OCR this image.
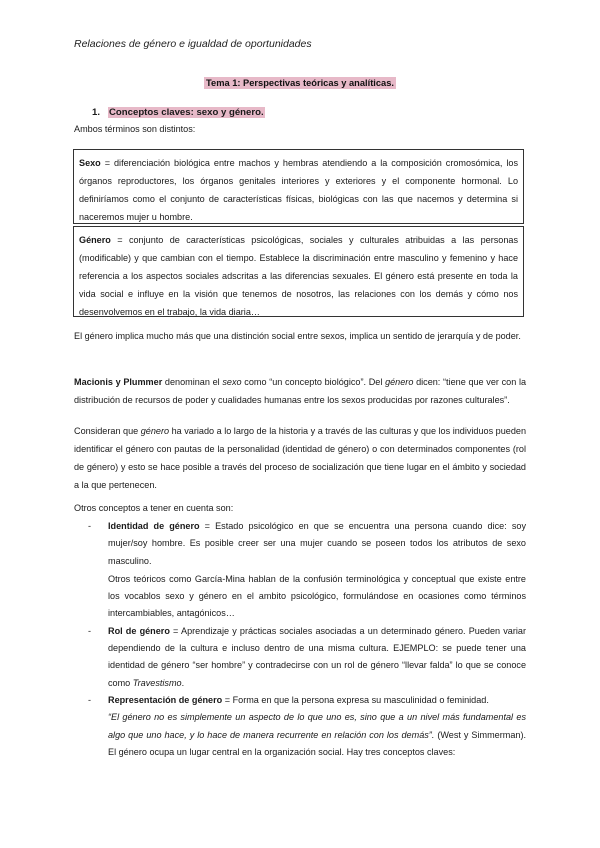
Relaciones de género e igualdad de oportunidades
Tema 1: Perspectivas teóricas y analíticas.
1. Conceptos claves: sexo y género.
Ambos términos son distintos:
Sexo = diferenciación biológica entre machos y hembras atendiendo a la composición cromosómica, los órganos reproductores, los órganos genitales interiores y exteriores y el componente hormonal. Lo definiríamos como el conjunto de características físicas, biológicas con las que nacemos y determina si naceremos mujer u hombre.
Género = conjunto de características psicológicas, sociales y culturales atribuidas a las personas (modificable) y que cambian con el tiempo. Establece la discriminación entre masculino y femenino y hace referencia a los aspectos sociales adscritas a las diferencias sexuales. El género está presente en toda la vida social e influye en la visión que tenemos de nosotros, las relaciones con los demás y cómo nos desenvolvemos en el trabajo, la vida diaria…
El género implica mucho más que una distinción social entre sexos, implica un sentido de jerarquía y de poder.
Macionis y Plummer denominan el sexo como “un concepto biológico”. Del género dicen: “tiene que ver con la distribución de recursos de poder y cualidades humanas entre los sexos producidas por razones culturales”.
Consideran que género ha variado a lo largo de la historia y a través de las culturas y que los individuos pueden identificar el género con pautas de la personalidad (identidad de género) o con determinados componentes (rol de género) y esto se hace posible a través del proceso de socialización que tiene lugar en el ámbito y sociedad a la que pertenecen.
Otros conceptos a tener en cuenta son:
- Identidad de género = Estado psicológico en que se encuentra una persona cuando dice: soy mujer/soy hombre. Es posible creer ser una mujer cuando se poseen todos los atributos de sexo masculino.
Otros teóricos como García-Mina hablan de la confusión terminológica y conceptual que existe entre los vocablos sexo y género en el ambito psicológico, formulándose en ocasiones como términos intercambiables, antagónicos…
- Rol de género = Aprendizaje y prácticas sociales asociadas a un determinado género. Pueden variar dependiendo de la cultura e incluso dentro de una misma cultura. EJEMPLO: se puede tener una identidad de género “ser hombre” y contradecirse con un rol de género “llevar falda” lo que se conoce como Travestismo.
- Representación de género = Forma en que la persona expresa su masculinidad o feminidad.
“El género no es simplemente un aspecto de lo que uno es, sino que a un nivel más fundamental es algo que uno hace, y lo hace de manera recurrente en relación con los demás”. (West y Simmerman). El género ocupa un lugar central en la organización social. Hay tres conceptos claves:
